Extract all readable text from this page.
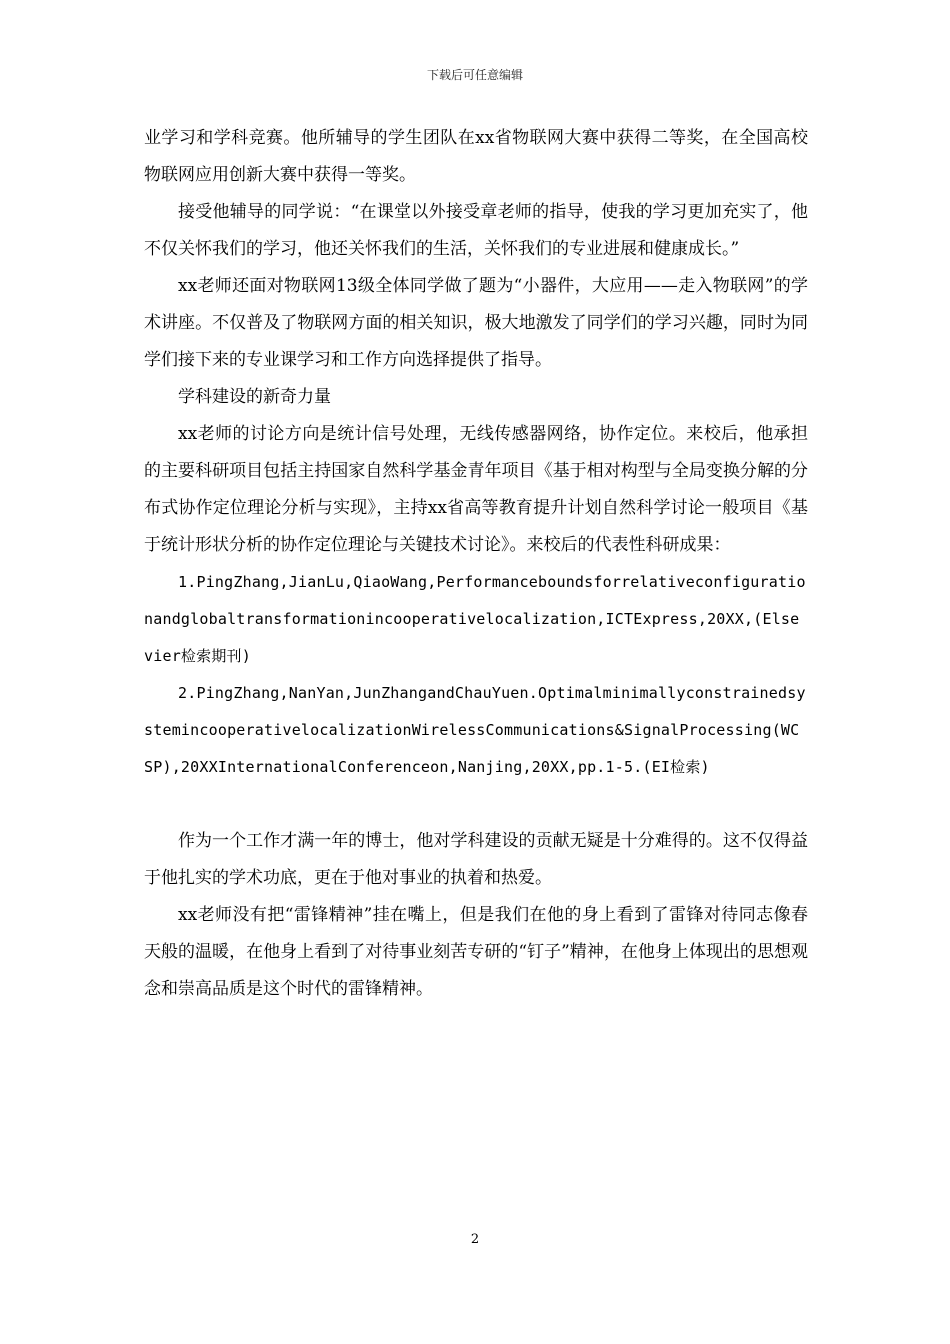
下载后可任意编辑

业学习和学科竞赛。他所辅导的学生团队在xx省物联网大赛中获得二等奖，在全国高校物联网应用创新大赛中获得一等奖。

接受他辅导的同学说：“在课堂以外接受章老师的指导，使我的学习更加充实了，他不仅关怀我们的学习，他还关怀我们的生活，关怀我们的专业进展和健康成长。”

xx老师还面对物联网13级全体同学做了题为“小器件，大应用——走入物联网”的学术讲座。不仅普及了物联网方面的相关知识，极大地激发了同学们的学习兴趣，同时为同学们接下来的专业课学习和工作方向选择提供了指导。

学科建设的新奇力量

xx老师的讨论方向是统计信号处理，无线传感器网络，协作定位。来校后，他承担的主要科研项目包括主持国家自然科学基金青年项目《基于相对构型与全局变换分解的分布式协作定位理论分析与实现》，主持xx省高等教育提升计划自然科学讨论一般项目《基于统计形状分析的协作定位理论与关键技术讨论》。来校后的代表性科研成果：

1.PingZhang,JianLu,QiaoWang,Performanceboundsforrelativeconfigurationandglobaltransformationincooperativelocalization,ICTExpress,20XX,(Elsevier检索期刊)

2.PingZhang,NanYan,JunZhangandChauYuen.OptimalminimallyconstrainedsystemincooperativelocalizationWirelessCommunications&SignalProcessing(WCSP),20XXInternationalConferenceon,Nanjing,20XX,pp.1-5.(EI检索)

作为一个工作才满一年的博士，他对学科建设的贡献无疑是十分难得的。这不仅得益于他扎实的学术功底，更在于他对事业的执着和热爱。

xx老师没有把“雷锋精神”挂在嘴上，但是我们在他的身上看到了雷锋对待同志像春天般的温暖，在他身上看到了对待事业刻苦专研的“钉子”精神，在他身上体现出的思想观念和崇高品质是这个时代的雷锋精神。

2
